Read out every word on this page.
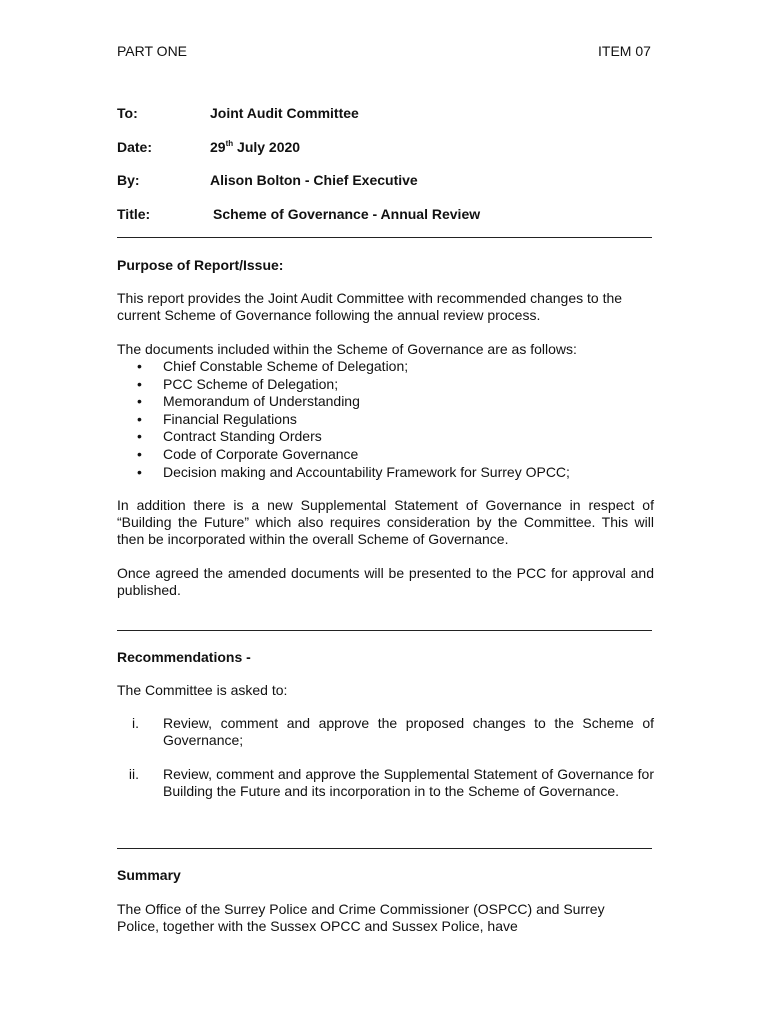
PART ONE	ITEM 07
To:	Joint Audit Committee
Date:	29th July 2020
By:	Alison Bolton - Chief Executive
Title:	Scheme of Governance - Annual Review
Purpose of Report/Issue:
This report provides the Joint Audit Committee with recommended changes to the current Scheme of Governance following the annual review process.
The documents included within the Scheme of Governance are as follows:
• Chief Constable Scheme of Delegation;
• PCC Scheme of Delegation;
• Memorandum of Understanding
• Financial Regulations
• Contract Standing Orders
• Code of Corporate Governance
• Decision making and Accountability Framework for Surrey OPCC;
In addition there is a new Supplemental Statement of Governance in respect of “Building the Future” which also requires consideration by the Committee. This will then be incorporated within the overall Scheme of Governance.
Once agreed the amended documents will be presented to the PCC for approval and published.
Recommendations -
The Committee is asked to:
i. Review, comment and approve the proposed changes to the Scheme of Governance;
ii. Review, comment and approve the Supplemental Statement of Governance for Building the Future and its incorporation in to the Scheme of Governance.
Summary
The Office of the Surrey Police and Crime Commissioner (OSPCC) and Surrey Police, together with the Sussex OPCC and Sussex Police, have
